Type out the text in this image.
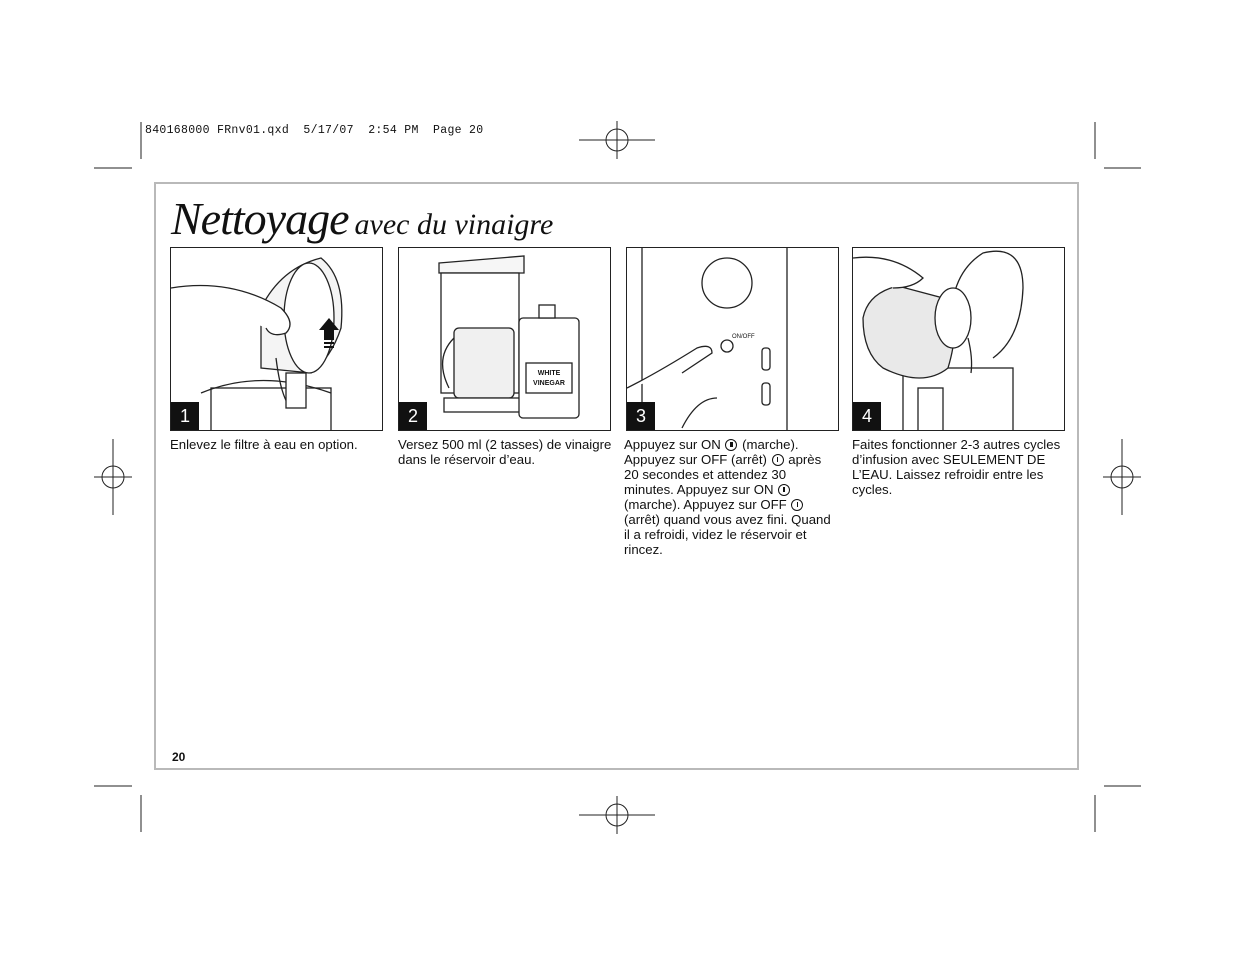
840168000 FRnv01.qxd  5/17/07  2:54 PM  Page 20
Nettoyage avec du vinaigre
1
Enlevez le filtre à eau en option.
WHITE
VINEGAR
2
Versez 500 ml (2 tasses) de vinaigre dans le réservoir d’eau.
ON/OFF
3
Appuyez sur ON  (marche). Appuyez sur OFF (arrêt)  après 20 secondes et attendez 30 minutes. Appuyez sur ON  (marche). Appuyez sur OFF  (arrêt) quand vous avez fini. Quand il a refroidi, videz le réservoir et rincez.
4
Faites fonctionner 2-3 autres cycles d’infusion avec SEULEMENT DE L’EAU. Laissez refroidir entre les cycles.
20
